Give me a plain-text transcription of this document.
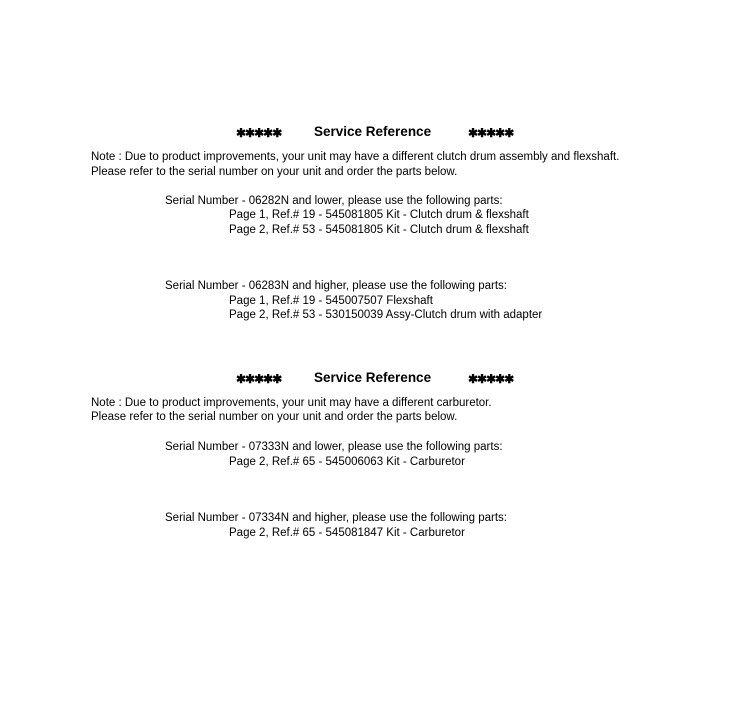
✱✱✱✱✱ Service Reference	✱✱✱✱✱
Note : Due to product improvements, your unit may have a different clutch drum assembly and flexshaft.
Please refer to the serial number on your unit and order the parts below.
Serial Number - 06282N and lower, please use the following parts:
Page 1, Ref.# 19 - 545081805 Kit - Clutch drum & flexshaft
Page 2, Ref.# 53 - 545081805 Kit - Clutch drum & flexshaft
Serial Number - 06283N and higher, please use the following parts:
Page 1, Ref.# 19 - 545007507 Flexshaft
Page 2, Ref.# 53 - 530150039 Assy-Clutch drum with adapter
✱✱✱✱✱ Service Reference	✱✱✱✱✱
Note : Due to product improvements, your unit may have a different carburetor.
Please refer to the serial number on your unit and order the parts below.
Serial Number - 07333N and lower, please use the following parts:
Page 2, Ref.# 65 - 545006063 Kit - Carburetor
Serial Number - 07334N and higher, please use the following parts:
Page 2, Ref.# 65 - 545081847 Kit - Carburetor
